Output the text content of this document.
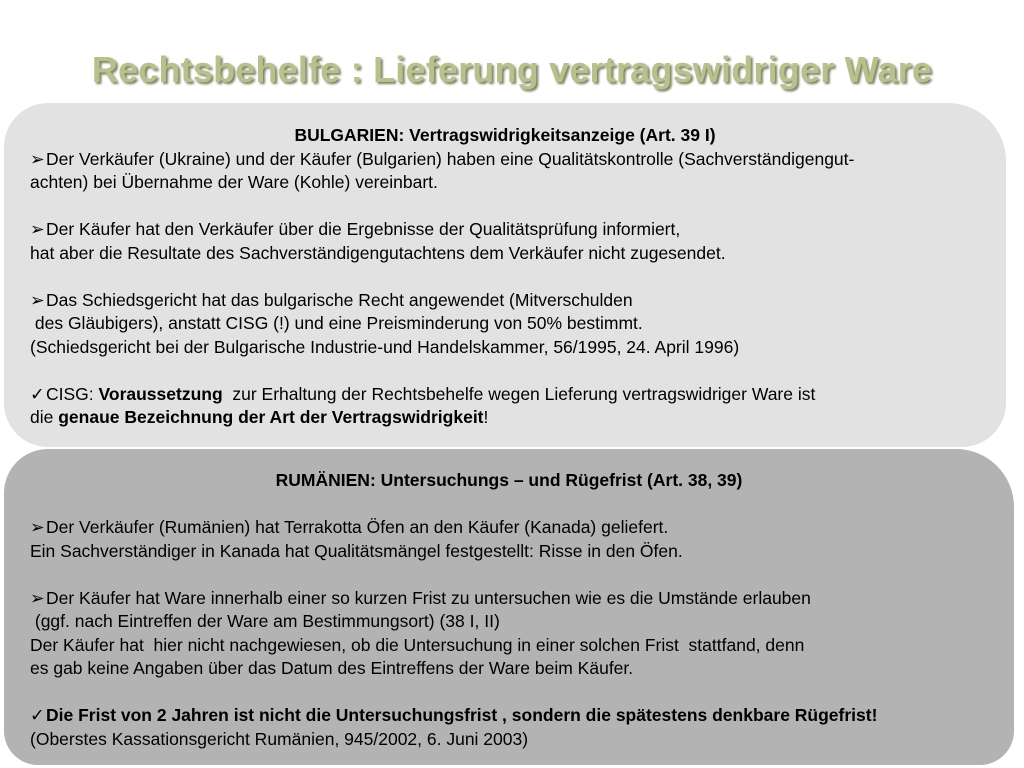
Rechtsbehelfe : Lieferung vertragswidriger Ware
BULGARIEN: Vertragswidrigkeitsanzeige (Art. 39 I)
➢Der Verkäufer (Ukraine) und der Käufer (Bulgarien) haben eine Qualitätskontrolle (Sachverständigengut-
achten) bei Übernahme der Ware (Kohle) vereinbart.
➢Der Käufer hat den Verkäufer über die Ergebnisse der Qualitätsprüfung informiert,
hat aber die Resultate des Sachverständigengutachtens dem Verkäufer nicht zugesendet.
➢Das Schiedsgericht hat das bulgarische Recht angewendet (Mitverschulden
des Gläubigers), anstatt CISG (!) und eine Preisminderung von 50% bestimmt.
(Schiedsgericht bei der Bulgarische Industrie-und Handelskammer, 56/1995, 24. April 1996)
✓CISG: Voraussetzung  zur Erhaltung der Rechtsbehelfe wegen Lieferung vertragswidriger Ware ist
die genaue Bezeichnung der Art der Vertragswidrigkeit!
RUMÄNIEN: Untersuchungs – und Rügefrist (Art. 38, 39)
➢Der Verkäufer (Rumänien) hat Terrakotta Öfen an den Käufer (Kanada) geliefert.
Ein Sachverständiger in Kanada hat Qualitätsmängel festgestellt: Risse in den Öfen.
➢Der Käufer hat Ware innerhalb einer so kurzen Frist zu untersuchen wie es die Umstände erlauben
(ggf. nach Eintreffen der Ware am Bestimmungsort) (38 I, II)
Der Käufer hat  hier nicht nachgewiesen, ob die Untersuchung in einer solchen Frist  stattfand, denn
es gab keine Angaben über das Datum des Eintreffens der Ware beim Käufer.
✓Die Frist von 2 Jahren ist nicht die Untersuchungsfrist , sondern die spätestens denkbare Rügefrist!
(Oberstes Kassationsgericht Rumänien, 945/2002, 6. Juni 2003)
